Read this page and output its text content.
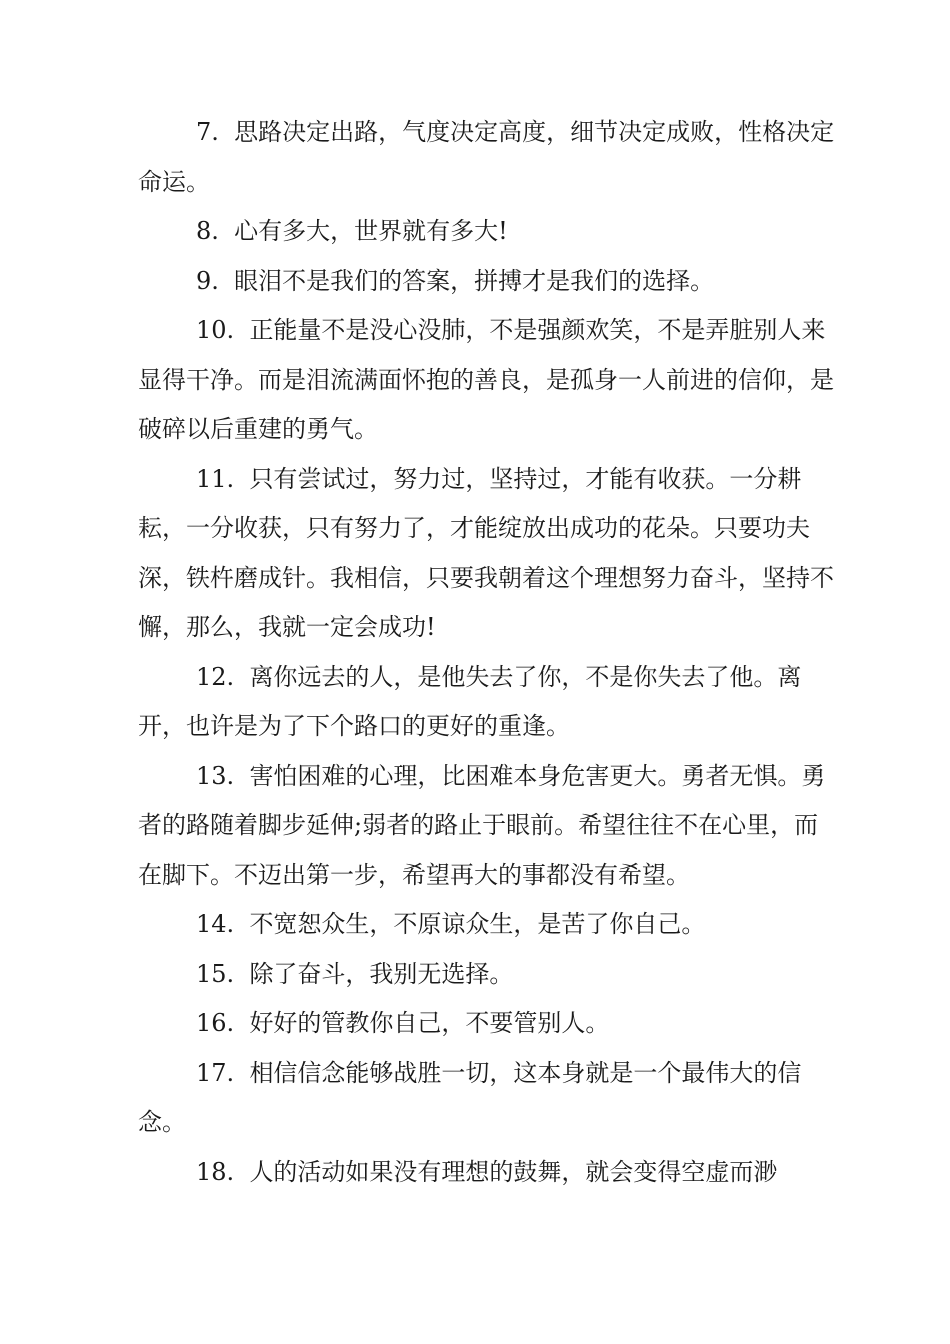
7. 思路决定出路，气度决定高度，细节决定成败，性格决定命运。

8. 心有多大，世界就有多大!

9. 眼泪不是我们的答案，拼搏才是我们的选择。

10. 正能量不是没心没肺，不是强颜欢笑，不是弄脏别人来显得干净。而是泪流满面怀抱的善良，是孤身一人前进的信仰，是破碎以后重建的勇气。

11. 只有尝试过，努力过，坚持过，才能有收获。一分耕耘，一分收获，只有努力了，才能绽放出成功的花朵。只要功夫深，铁杵磨成针。我相信，只要我朝着这个理想努力奋斗，坚持不懈，那么，我就一定会成功!

12. 离你远去的人，是他失去了你，不是你失去了他。离开，也许是为了下个路口的更好的重逢。

13. 害怕困难的心理，比困难本身危害更大。勇者无惧。勇者的路随着脚步延伸;弱者的路止于眼前。希望往往不在心里，而在脚下。不迈出第一步，希望再大的事都没有希望。

14. 不宽恕众生，不原谅众生，是苦了你自己。

15. 除了奋斗，我别无选择。

16. 好好的管教你自己，不要管别人。

17. 相信信念能够战胜一切，这本身就是一个最伟大的信念。

18. 人的活动如果没有理想的鼓舞，就会变得空虚而渺
